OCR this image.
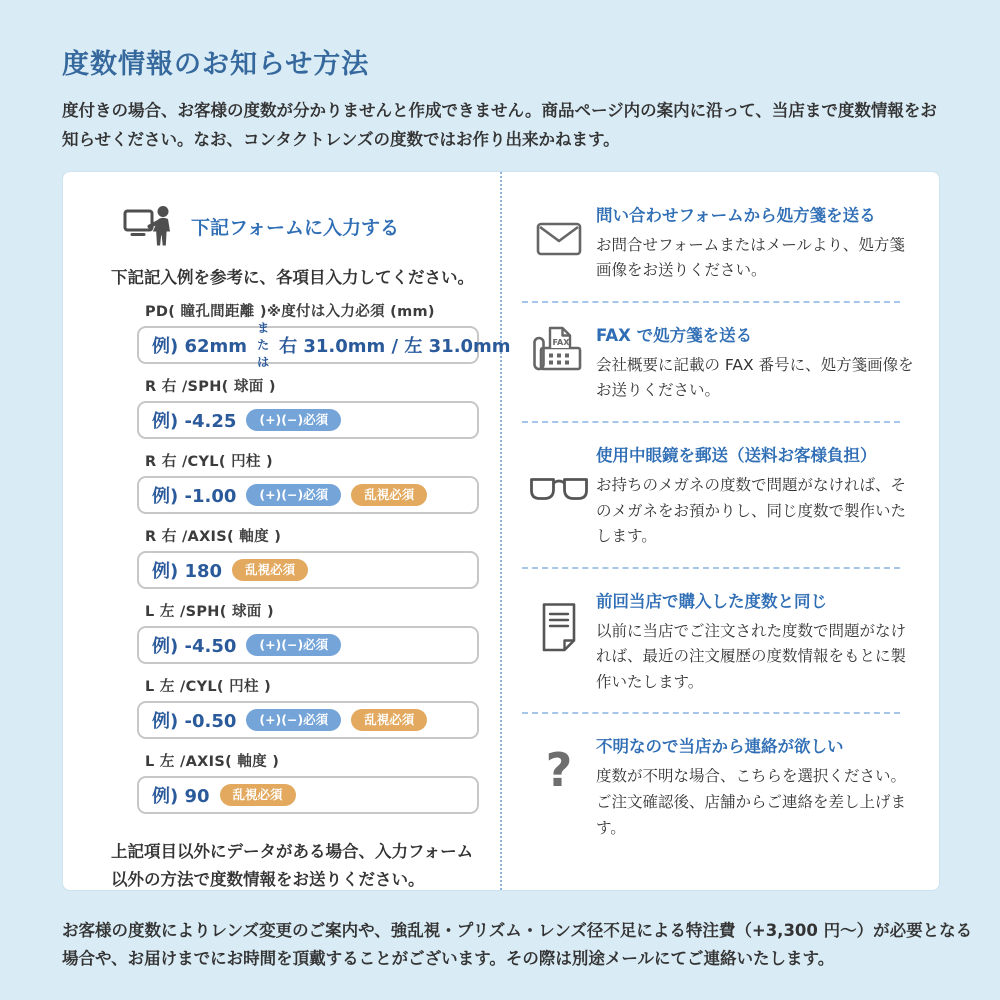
度数情報のお知らせ方法

度付きの場合、お客様の度数が分かりませんと作成できません。商品ページ内の案内に沿って、当店まで度数情報をお知らせください。なお、コンタクトレンズの度数ではお作り出来かねます。

下記フォームに入力する

下記記入例を参考に、各項目入力してください。

PD( 瞳孔間距離 )※度付は入力必須 (mm)
例) 62mm
または
右 31.0mm / 左 31.0mm
R 右 /SPH( 球面 )
例) -4.25	(+)(−)必須
R 右 /CYL( 円柱 )
例) -1.00	(+)(−)必須	乱視必須
R 右 /AXIS( 軸度 )
例) 180	乱視必須
L 左 /SPH( 球面 )
例) -4.50	(+)(−)必須
L 左 /CYL( 円柱 )
例) -0.50	(+)(−)必須	乱視必須
L 左 /AXIS( 軸度 )
例) 90	乱視必須

上記項目以外にデータがある場合、入力フォーム以外の方法で度数情報をお送りください。

問い合わせフォームから処方箋を送る
お問合せフォームまたはメールより、処方箋画像をお送りください。
FAX FAX で処方箋を送る
会社概要に記載の FAX 番号に、処方箋画像をお送りください。
使用中眼鏡を郵送（送料お客様負担）
お持ちのメガネの度数で問題がなければ、そのメガネをお預かりし、同じ度数で製作いたします。
前回当店で購入した度数と同じ
以前に当店でご注文された度数で問題がなければ、最近の注文履歴の度数情報をもとに製作いたします。
? 不明なので当店から連絡が欲しい
度数が不明な場合、こちらを選択ください。ご注文確認後、店舗からご連絡を差し上げます。

お客様の度数によりレンズ変更のご案内や、強乱視・プリズム・レンズ径不足による特注費（+3,300 円〜）が必要となる場合や、お届けまでにお時間を頂戴することがございます。その際は別途メールにてご連絡いたします。
